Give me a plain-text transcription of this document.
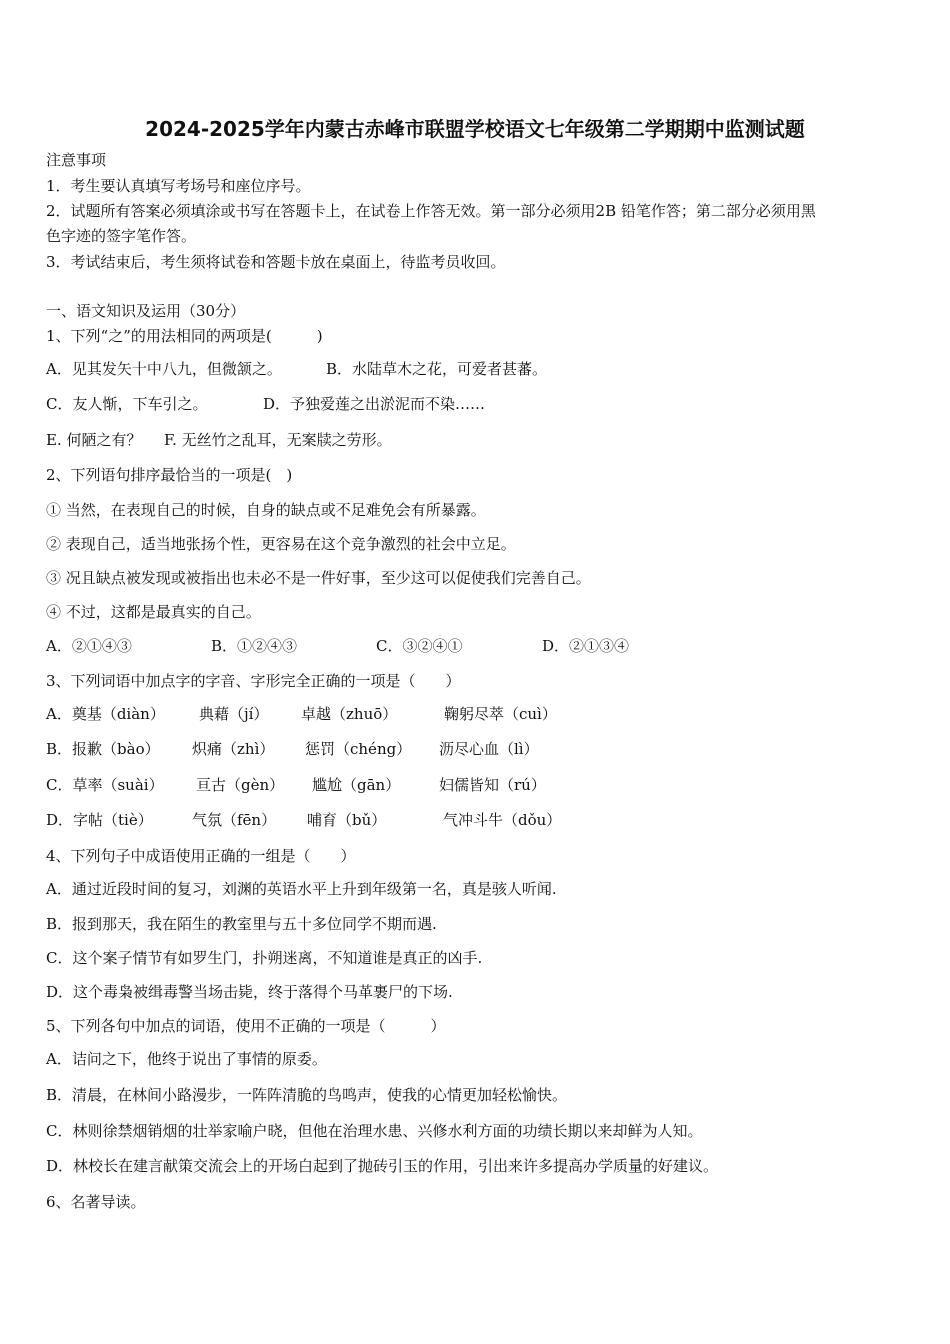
2024-2025学年内蒙古赤峰市联盟学校语文七年级第二学期期中监测试题
注意事项
1．考生要认真填写考场号和座位序号。
2．试题所有答案必须填涂或书写在答题卡上，在试卷上作答无效。第一部分必须用2B 铅笔作答；第二部分必须用黑
色字迹的签字笔作答。
3．考试结束后，考生须将试卷和答题卡放在桌面上，待监考员收回。
一、语文知识及运用（30分）
1、下列“之”的用法相同的两项是(　　　)
A．见其发矢十中八九，但微颔之。	B．水陆草木之花，可爱者甚蕃。
C．友人惭，下车引之。	D．予独爱莲之出淤泥而不染……
E. 何陋之有？ F. 无丝竹之乱耳，无案牍之劳形。
2、下列语句排序最恰当的一项是(　)
① 当然，在表现自己的时候，自身的缺点或不足难免会有所暴露。
② 表现自己，适当地张扬个性，更容易在这个竞争激烈的社会中立足。
③ 况且缺点被发现或被指出也未必不是一件好事，至少这可以促使我们完善自己。
④ 不过，这都是最真实的自己。
A．②①④③	B．①②④③	C．③②④①	D．②①③④
3、下列词语中加点字的字音、字形完全正确的一项是（　　）
A．奠基（diàn） 典藉（jí） 卓越（zhuō）	鞠躬尽萃（cuì）
B．报歉（bào） 炽痛（zhì） 惩罚（chéng） 沥尽心血（lì）
C．草率（suài） 亘古（gèn） 尴尬（gān）	妇儒皆知（rú）
D．字帖（tiè）	气氛（fēn） 哺育（bǔ）	气冲斗牛（dǒu）
4、下列句子中成语使用正确的一组是（　　）
A．通过近段时间的复习，刘渊的英语水平上升到年级第一名，真是骇人听闻.
B．报到那天，我在陌生的教室里与五十多位同学不期而遇.
C．这个案子情节有如罗生门，扑朔迷离，不知道谁是真正的凶手.
D．这个毒枭被缉毒警当场击毙，终于落得个马革裹尸的下场.
5、下列各句中加点的词语，使用不正确的一项是（　　　）
A．诘问之下，他终于说出了事情的原委。
B．清晨，在林间小路漫步，一阵阵清脆的鸟鸣声，使我的心情更加轻松愉快。
C．林则徐禁烟销烟的壮举家喻户晓，但他在治理水患、兴修水利方面的功绩长期以来却鲜为人知。
D．林校长在建言献策交流会上的开场白起到了抛砖引玉的作用，引出来许多提高办学质量的好建议。
6、名著导读。
